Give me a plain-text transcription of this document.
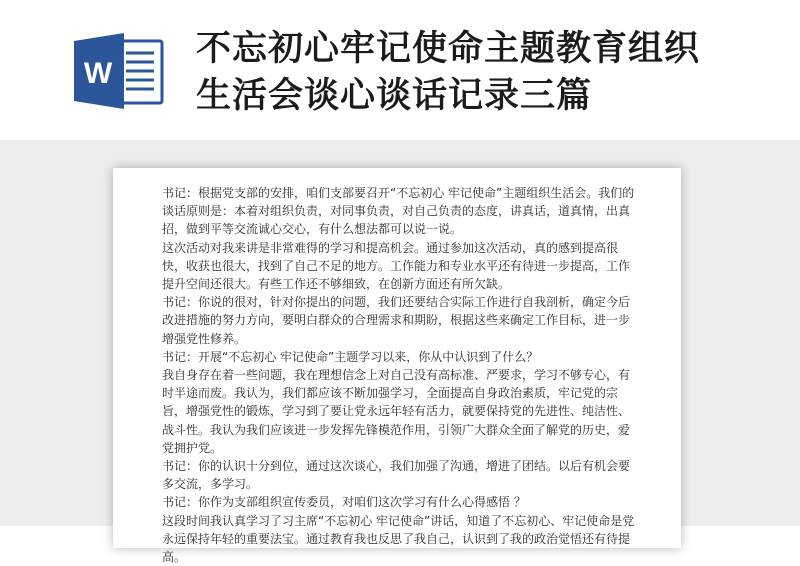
W
不忘初心牢记使命主题教育组织
生活会谈心谈话记录三篇

书记：根据党支部的安排，咱们支部要召开“不忘初心 牢记使命”主题组织生活会。我们的谈话原则是：本着对组织负责，对同事负责，对自己负责的态度，讲真话，道真情，出真招，做到平等交流诚心交心，有什么想法都可以说一说。

这次活动对我来讲是非常难得的学习和提高机会。通过参加这次活动，真的感到提高很快，收获也很大，找到了自己不足的地方。工作能力和专业水平还有待进一步提高，工作提升空间还很大。有些工作还不够细致，在创新方面还有所欠缺。

书记：你说的很对，针对你提出的问题，我们还要结合实际工作进行自我剖析，确定今后改进措施的努力方向，要明白群众的合理需求和期盼，根据这些来确定工作目标，进一步增强党性修养。

书记：开展“不忘初心 牢记使命”主题学习以来，你从中认识到了什么？

我自身存在着一些问题，我在理想信念上对自己没有高标准、严要求，学习不够专心，有时半途而废。我认为，我们都应该不断加强学习，全面提高自身政治素质，牢记党的宗旨，增强党性的锻炼，学习到了要让党永远年轻有活力，就要保持党的先进性、纯洁性、战斗性。我认为我们应该进一步发挥先锋模范作用，引领广大群众全面了解党的历史，爱党拥护党。

书记：你的认识十分到位，通过这次谈心，我们加强了沟通，增进了团结。以后有机会要多交流，多学习。

书记：你作为支部组织宣传委员，对咱们这次学习有什么心得感悟 ？

这段时间我认真学习了习主席“不忘初心 牢记使命”讲话，知道了不忘初心、牢记使命是党永远保持年轻的重要法宝。通过教育我也反思了我自己，认识到了我的政治觉悟还有待提高。
